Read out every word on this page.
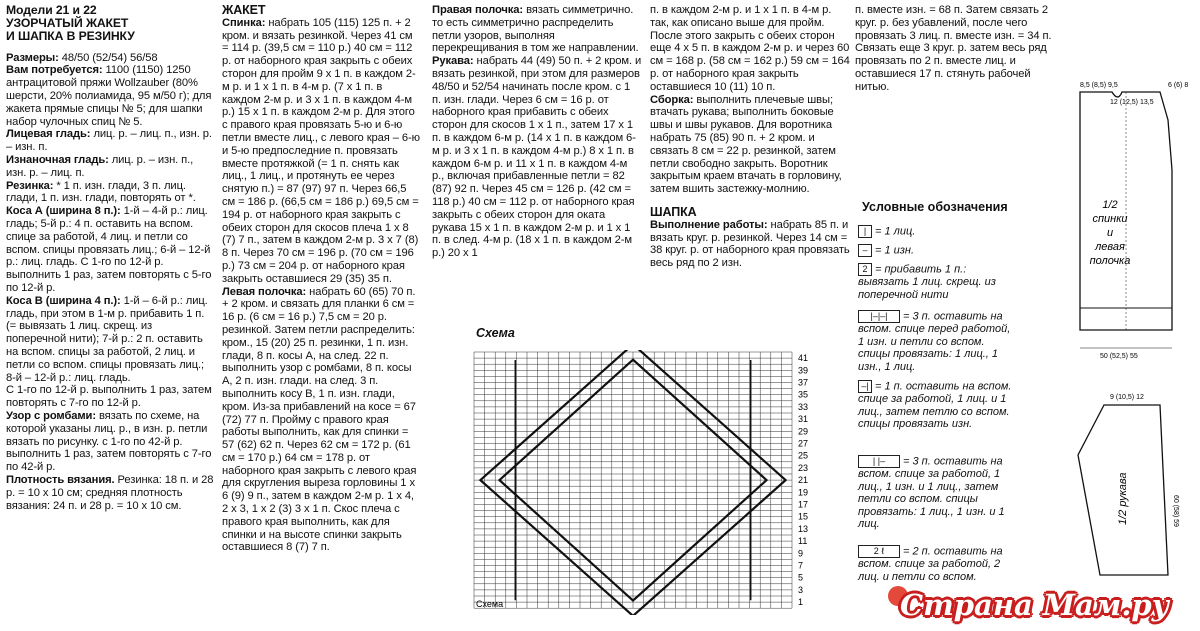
Модели 21 и 22
УЗОРЧАТЫЙ ЖАКЕТ
И ШАПКА В РЕЗИНКУ

Размеры: 48/50 (52/54) 56/58

Вам потребуется: 1100 (1150) 1250 антрацитовой пряжи Wollzauber (80% шерсти, 20% полиамида, 95 м/50 г); для жакета прямые спицы № 5; для шапки набор чулочных спиц № 5.

Лицевая гладь: лиц. р. – лиц. п., изн. р. – изн. п.

Изнаночная гладь: лиц. р. – изн. п., изн. р. – лиц. п.

Резинка: * 1 п. изн. глади, 3 п. лиц. глади, 1 п. изн. глади, повторять от *.

Коса А (ширина 8 п.): 1-й – 4-й р.: лиц. гладь; 5-й р.: 4 п. оставить на вспом. спице за работой, 4 лиц. и петли со вспом. спицы провязать лиц.; 6-й – 12-й р.: лиц. гладь. С 1-го по 12-й р. выполнить 1 раз, затем повторять с 5-го по 12-й р.

Коса В (ширина 4 п.): 1-й – 6-й р.: лиц. гладь, при этом в 1-м р. прибавить 1 п. (= вывязать 1 лиц. скрещ. из поперечной нити); 7-й р.: 2 п. оставить на вспом. спицы за работой, 2 лиц. и петли со вспом. спицы провязать лиц.; 8-й – 12-й р.: лиц. гладь.

С 1-го по 12-й р. выполнить 1 раз, затем повторять с 7-го по 12-й р.

Узор с ромбами: вязать по схеме, на которой указаны лиц. р., в изн. р. петли вязать по рисунку. с 1-го по 42-й р. выполнить 1 раз, затем повторять с 7-го по 42-й р.

Плотность вязания. Резинка: 18 п. и 28 р. = 10 х 10 см; средняя плотность вязания: 24 п. и 28 р. = 10 х 10 см.

ЖАКЕТ

Спинка: набрать 105 (115) 125 п. + 2 кром. и вязать резинкой. Через 41 см = 114 р. (39,5 см = 110 р.) 40 см = 112 р. от наборного края закрыть с обеих сторон для пройм 9 х 1 п. в каждом 2-м р. и 1 х 1 п. в 4-м р. (7 х 1 п. в каждом 2-м р. и 3 х 1 п. в каждом 4-м р.) 15 х 1 п. в каждом 2-м р. Для этого с правого края провязать 5-ю и 6-ю петли вместе лиц., с левого края – 6-ю и 5-ю предпоследние п. провязать вместе протяжкой (= 1 п. снять как лиц., 1 лиц., и протянуть ее через снятую п.) = 87 (97) 97 п. Через 66,5 см = 186 р. (66,5 см = 186 р.) 69,5 см = 194 р. от наборного края закрыть с обеих сторон для скосов плеча 1 х 8 (7) 7 п., затем в каждом 2-м р. 3 х 7 (8) 8 п. Через 70 см = 196 р. (70 см = 196 р.) 73 см = 204 р. от наборного края закрыть оставшиеся 29 (35) 35 п.

Левая полочка: набрать 60 (65) 70 п. + 2 кром. и связать для планки 6 см = 16 р. (6 см = 16 р.) 7,5 см = 20 р. резинкой. Затем петли распределить: кром., 15 (20) 25 п. резинки, 1 п. изн. глади, 8 п. косы А, на след. 22 п. выполнить узор с ромбами, 8 п. косы А, 2 п. изн. глади. на след. 3 п. выполнить косу В, 1 п. изн. глади, кром. Из-за прибавлений на косе = 67 (72) 77 п. Пройму с правого края работы выполнить, как для спинки = 57 (62) 62 п. Через 62 см = 172 р. (61 см = 170 р.) 64 см = 178 р. от наборного края закрыть с левого края для скругления выреза горловины 1 х 6 (9) 9 п., затем в каждом 2-м р. 1 х 4, 2 х 3, 1 х 2 (3) 3 х 1 п. Скос плеча с правого края выполнить, как для спинки и на высоте спинки закрыть оставшиеся 8 (7) 7 п.

Правая полочка: вязать симметрично. то есть симметрично распределить петли узоров, выполняя перекрещивания в том же направлении.

Рукава: набрать 44 (49) 50 п. + 2 кром. и вязать резинкой, при этом для размеров 48/50 и 52/54 начинать после кром. с 1 п. изн. глади. Через 6 см = 16 р. от наборного края прибавить с обеих сторон для скосов 1 х 1 п., затем 17 х 1 п. в каждом 6-м р. (14 х 1 п. в каждом 6-м р. и 3 х 1 п. в каждом 4-м р.) 8 х 1 п. в каждом 6-м р. и 11 х 1 п. в каждом 4-м р., включая прибавленные петли = 82 (87) 92 п. Через 45 см = 126 р. (42 см = 118 р.) 40 см = 112 р. от наборного края закрыть с обеих сторон для оката рукава 15 х 1 п. в каждом 2-м р. и 1 х 1 п. в след. 4-м р. (18 х 1 п. в каждом 2-м р.) 20 х 1

п. в каждом 2-м р. и 1 х 1 п. в 4-м р. так, как описано выше для пройм. После этого закрыть с обеих сторон еще 4 х 5 п. в каждом 2-м р. и через 60 см = 168 р. (58 см = 162 р.) 59 см = 164 р. от наборного края закрыть оставшиеся 10 (11) 10 п.

Сборка: выполнить плечевые швы; втачать рукава; выполнить боковые швы и швы рукавов. Для воротника набрать 75 (85) 90 п. + 2 кром. и связать 8 см = 22 р. резинкой, затем петли свободно закрыть. Воротник закрытым краем втачать в горловину, затем вшить застежку-молнию.

ШАПКА

Выполнение работы: набрать 85 п. и вязать круг. р. резинкой. Через 14 см = 38 круг. р. от наборного края провязать весь ряд по 2 изн.

п. вместе изн. = 68 п. Затем связать 2 круг. р. без убавлений, после чего провязать 3 лиц. п. вместе изн. = 34 п. Связать еще 3 круг. р. затем весь ряд провязать по 2 п. вместе лиц. и оставшиеся 17 п. стянуть рабочей нитью.

Схема
41
39
37
35
33
31
29
27
25
23
21
19
17
15
13
11
9
7
5
3
1
Схема
Условные обозначения
| = 1 лиц.
– = 1 изн.
2 = прибавить 1 п.: вывязать 1 лиц. скрещ. из поперечной нити
|–|–| = 3 п. оставить на вспом. спице перед работой, 1 изн. и петли со вспом. спицы провязать: 1 лиц., 1 изн., 1 лиц.
–| = 1 п. оставить на вспом. спице за работой, 1 лиц. и 1 лиц., затем петлю со вспом. спицы провязать изн.
| |– = 3 п. оставить на вспом. спице за работой, 1 лиц., 1 изн. и 1 лиц., затем петли со вспом. спицы провязать: 1 лиц., 1 изн. и 1 лиц.
2 ℓ = 2 п. оставить на вспом. спице за работой, 2 лиц. и петли со вспом.
8,5 (8,5) 9,5
12 (12,5) 13,5
6 (6) 8
50 (52,5) 55
1/2
спинки
и
левая
полочка
9 (10,5) 12
60 (58) 59
1/2 рукава
Страна Мам.ру
